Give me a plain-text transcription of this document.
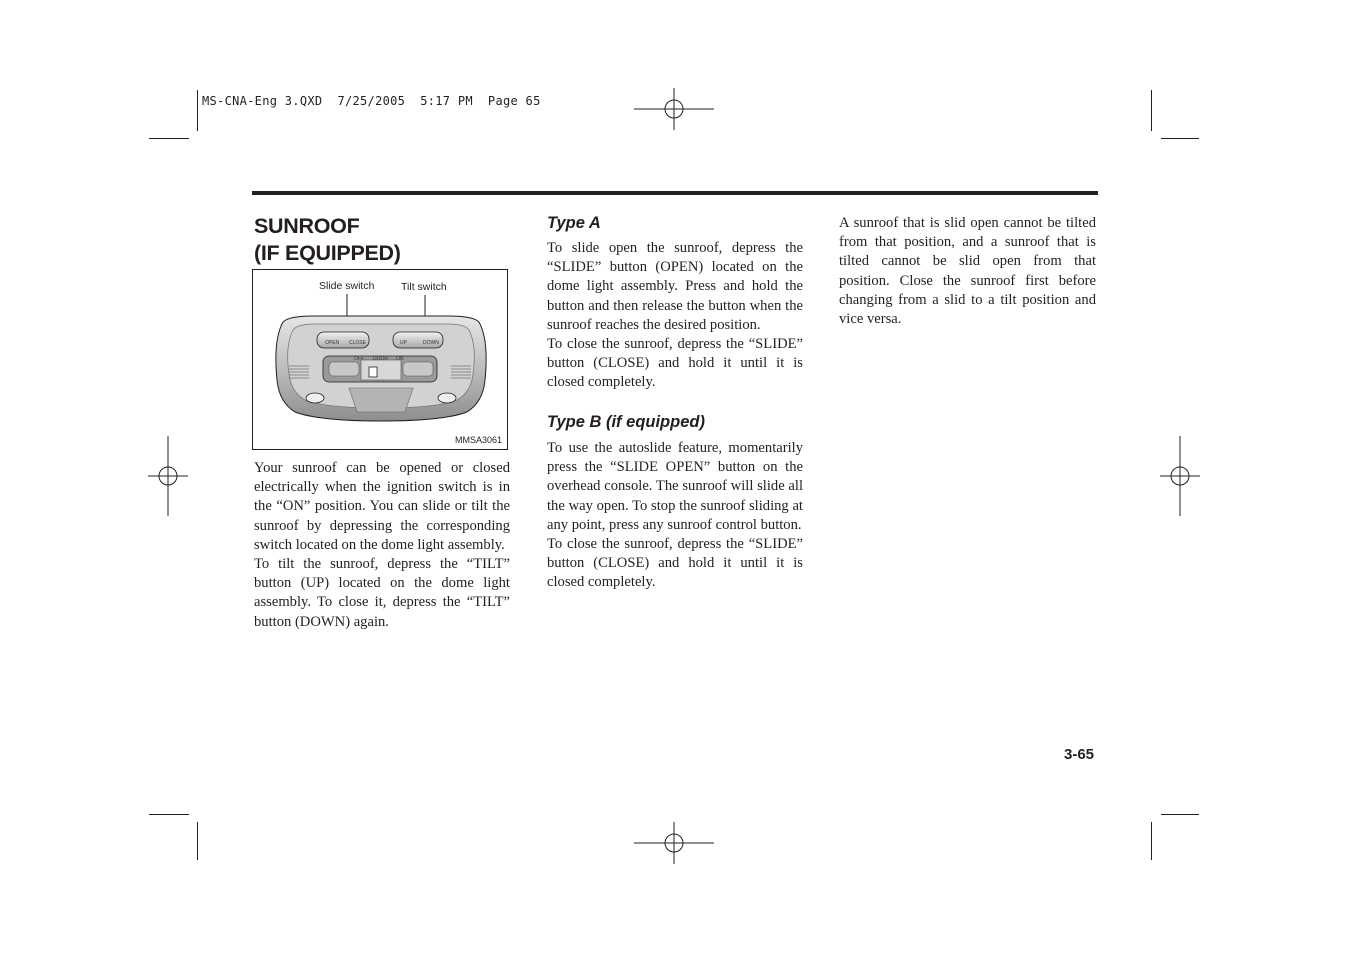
MS-CNA-Eng 3.QXD  7/25/2005  5:17 PM  Page 65
SUNROOF
(IF EQUIPPED)
Slide switch	Tilt switch
OPEN CLOSE	UP	DOWN
OFF DOOR ON
MMSA3061

Your sunroof can be opened or closed electrically when the ignition switch is in the “ON” position. You can slide or tilt the sunroof by depressing the corresponding switch located on the dome light assembly.

To tilt the sunroof, depress the “TILT” button (UP) located on the dome light assembly. To close it, depress the “TILT” button (DOWN) again.

Type A

To slide open the sunroof, depress the “SLIDE” button (OPEN) located on the dome light assembly. Press and hold the button and then release the button when the sunroof reaches the desired position.

To close the sunroof, depress the “SLIDE” button (CLOSE) and hold it until it is closed completely.

Type B (if equipped)

To use the autoslide feature, momentarily press the “SLIDE OPEN” button on the overhead console. The sunroof will slide all the way open. To stop the sunroof sliding at any point, press any sunroof control button.

To close the sunroof, depress the “SLIDE” button (CLOSE) and hold it until it is closed completely.

A sunroof that is slid open cannot be tilted from that position, and a sunroof that is tilted cannot be slid open from that position. Close the sunroof first before changing from a slid to a tilt position and vice versa.

3-65
